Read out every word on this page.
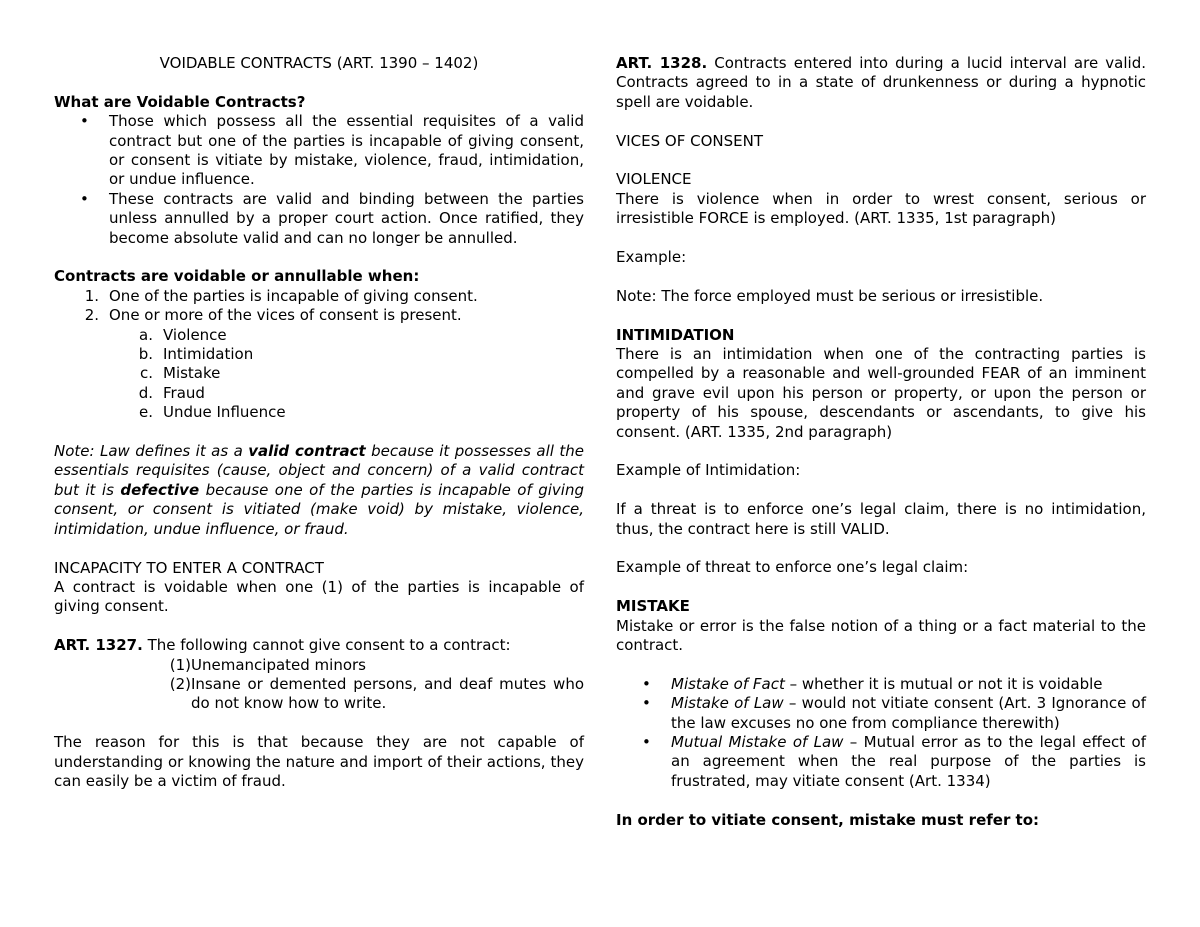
VOIDABLE CONTRACTS (ART. 1390 – 1402)

What are Voidable Contracts?

•	Those which possess all the essential requisites of a valid contract but one of the parties is incapable of giving consent, or consent is vitiate by mistake, violence, fraud, intimidation, or undue influence.
•	These contracts are valid and binding between the parties unless annulled by a proper court action. Once ratified, they become absolute valid and can no longer be annulled.

Contracts are voidable or annullable when:

1. One of the parties is incapable of giving consent.
2. One or more of the vices of consent is present.
a. Violence
b. Intimidation
c. Mistake
d. Fraud
e. Undue Influence

Note: Law defines it as a valid contract because it possesses all the essentials requisites (cause, object and concern) of a valid contract but it is defective because one of the parties is incapable of giving consent, or consent is vitiated (make void) by mistake, violence, intimidation, undue influence, or fraud.

INCAPACITY TO ENTER A CONTRACT

A contract is voidable when one (1) of the parties is incapable of giving consent.

ART. 1327. The following cannot give consent to a contract:

(1) Unemancipated minors
(2) Insane or demented persons, and deaf mutes who do not know how to write.

The reason for this is that because they are not capable of understanding or knowing the nature and import of their actions, they can easily be a victim of fraud.

ART. 1328. Contracts entered into during a lucid interval are valid. Contracts agreed to in a state of drunkenness or during a hypnotic spell are voidable.

VICES OF CONSENT

VIOLENCE

There is violence when in order to wrest consent, serious or irresistible FORCE is employed. (ART. 1335, 1st paragraph)

Example:

Note: The force employed must be serious or irresistible.

INTIMIDATION

There is an intimidation when one of the contracting parties is compelled by a reasonable and well-grounded FEAR of an imminent and grave evil upon his person or property, or upon the person or property of his spouse, descendants or ascendants, to give his consent. (ART. 1335, 2nd paragraph)

Example of Intimidation:

If a threat is to enforce one’s legal claim, there is no intimidation, thus, the contract here is still VALID.

Example of threat to enforce one’s legal claim:

MISTAKE

Mistake or error is the false notion of a thing or a fact material to the contract.

•	Mistake of Fact – whether it is mutual or not it is voidable
•	Mistake of Law – would not vitiate consent (Art. 3 Ignorance of the law excuses no one from compliance therewith)
•	Mutual Mistake of Law – Mutual error as to the legal effect of an agreement when the real purpose of the parties is frustrated, may vitiate consent (Art. 1334)

In order to vitiate consent, mistake must refer to:
